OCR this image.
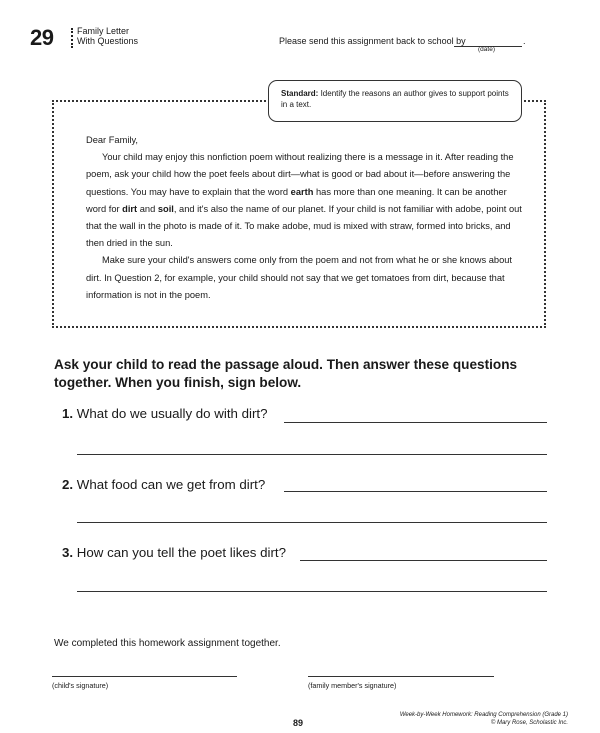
29	Family Letter
With Questions	Please send this assignment back to school by	.
(date)
Standard: Identify the reasons an author gives to support points in a text.

Dear Family,

Your child may enjoy this nonfiction poem without realizing there is a message in it. After reading the poem, ask your child how the poet feels about dirt—what is good or bad about it—before answering the questions. You may have to explain that the word earth has more than one meaning. It can be another word for dirt and soil, and it's also the name of our planet. If your child is not familiar with adobe, point out that the wall in the photo is made of it. To make adobe, mud is mixed with straw, formed into bricks, and then dried in the sun.

Make sure your child's answers come only from the poem and not from what he or she knows about dirt. In Question 2, for example, your child should not say that we get tomatoes from dirt, because that information is not in the poem.

Ask your child to read the passage aloud. Then answer these questions together. When you finish, sign below.
1. What do we usually do with dirt?
2. What food can we get from dirt?
3. How can you tell the poet likes dirt?
We completed this homework assignment together.
(child's signature)	(family member's signature)
89
Week-by-Week Homework: Reading Comprehension (Grade 1)
© Mary Rose, Scholastic Inc.
